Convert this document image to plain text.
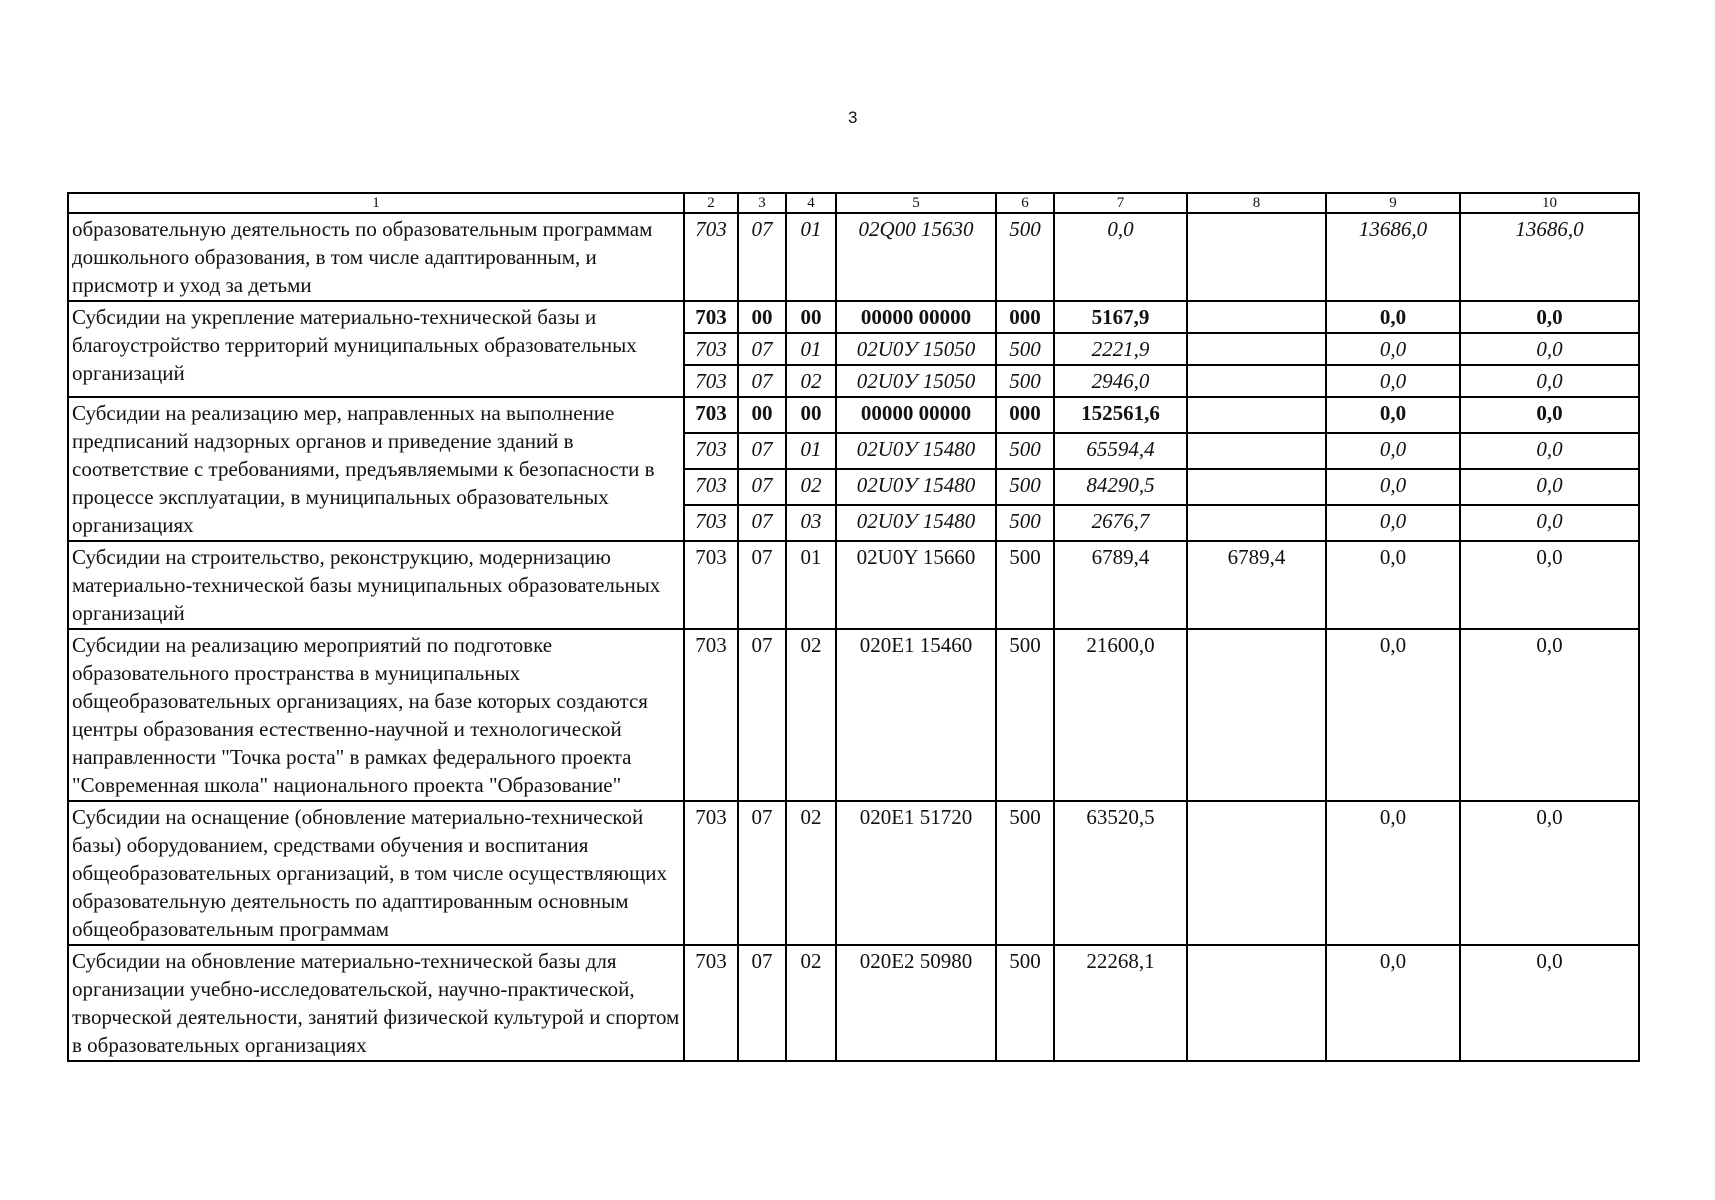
3
1	2	3	4	5	6	7	8	9	10
образовательную деятельность по образовательным программам дошкольного образования, в том числе адаптированным, и присмотр и уход за детьми	703	07	01	02Q00 15630	500	0,0		13686,0	13686,0
Субсидии на укрепление материально-технической базы и благоустройство территорий муниципальных образовательных организаций	703	00	00	00000 00000	000	5167,9		0,0	0,0
	703	07	01	02U0У 15050	500	2221,9		0,0	0,0
	703	07	02	02U0У 15050	500	2946,0		0,0	0,0
Субсидии на реализацию мер, направленных на выполнение предписаний надзорных органов и приведение зданий в соответствие с требованиями, предъявляемыми к безопасности в процессе эксплуатации, в муниципальных образовательных организациях	703	00	00	00000 00000	000	152561,6		0,0	0,0
	703	07	01	02U0У 15480	500	65594,4		0,0	0,0
	703	07	02	02U0У 15480	500	84290,5		0,0	0,0
	703	07	03	02U0У 15480	500	2676,7		0,0	0,0
Субсидии на строительство, реконструкцию, модернизацию материально-технической базы муниципальных образовательных организаций	703	07	01	02U0Y 15660	500	6789,4	6789,4	0,0	0,0
Субсидии на реализацию мероприятий по подготовке образовательного пространства в муниципальных общеобразовательных организациях, на базе которых создаются центры образования естественно-научной и технологической направленности "Точка роста" в рамках федерального проекта "Современная школа" национального проекта "Образование"	703	07	02	020E1 15460	500	21600,0		0,0	0,0
Субсидии на оснащение (обновление материально-технической базы) оборудованием, средствами обучения и воспитания общеобразовательных организаций, в том числе осуществляющих образовательную деятельность по адаптированным основным общеобразовательным программам	703	07	02	020E1 51720	500	63520,5		0,0	0,0
Субсидии на обновление материально-технической базы для организации учебно-исследовательской, научно-практической, творческой деятельности, занятий физической культурой и спортом в образовательных организациях	703	07	02	020E2 50980	500	22268,1		0,0	0,0
